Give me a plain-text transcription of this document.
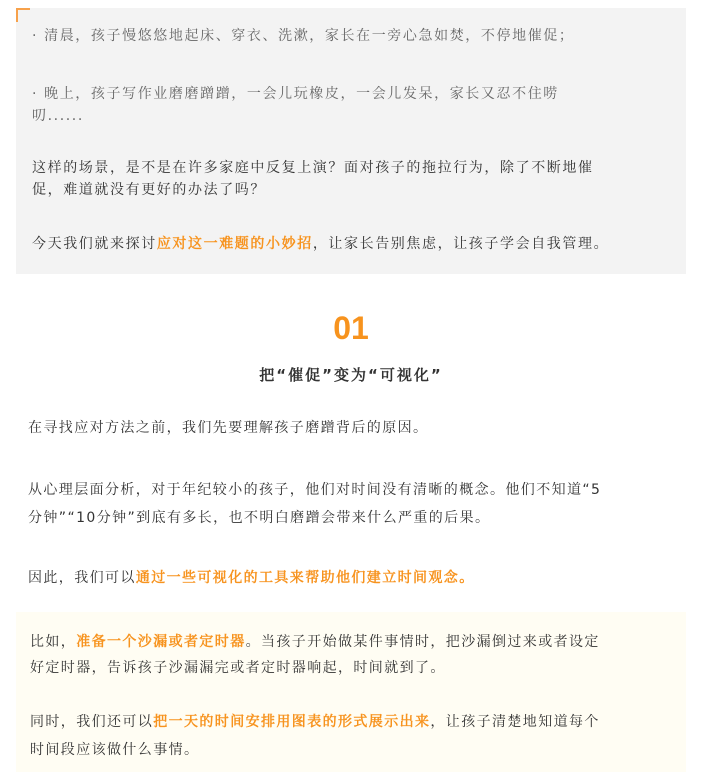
· 清晨，孩子慢悠悠地起床、穿衣、洗漱，家长在一旁心急如焚，不停地催促；
· 晚上，孩子写作业磨磨蹭蹭，一会儿玩橡皮，一会儿发呆，家长又忍不住唠
叨......
这样的场景，是不是在许多家庭中反复上演？面对孩子的拖拉行为，除了不断地催
促，难道就没有更好的办法了吗？
今天我们就来探讨应对这一难题的小妙招，让家长告别焦虑，让孩子学会自我管理。
01
把“催促”变为“可视化”
在寻找应对方法之前，我们先要理解孩子磨蹭背后的原因。
从心理层面分析，对于年纪较小的孩子，他们对时间没有清晰的概念。他们不知道“5
分钟”“10分钟”到底有多长，也不明白磨蹭会带来什么严重的后果。
因此，我们可以通过一些可视化的工具来帮助他们建立时间观念。
比如，准备一个沙漏或者定时器。当孩子开始做某件事情时，把沙漏倒过来或者设定
好定时器，告诉孩子沙漏漏完或者定时器响起，时间就到了。
同时，我们还可以把一天的时间安排用图表的形式展示出来，让孩子清楚地知道每个
时间段应该做什么事情。
